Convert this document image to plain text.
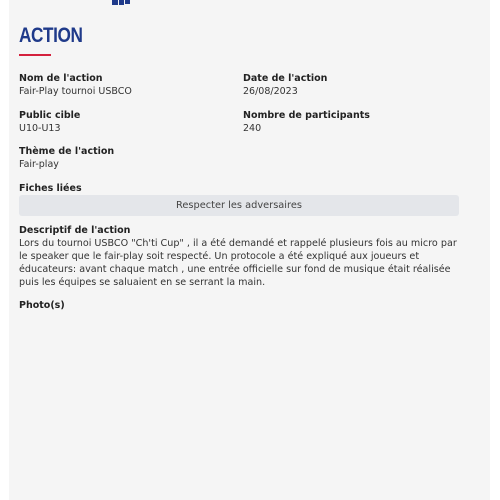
ACTION
Nom de l'action
Fair-Play tournoi USBCO
Date de l'action
26/08/2023
Public cible
U10-U13
Nombre de participants
240
Thème de l'action
Fair-play
Fiches liées
Respecter les adversaires
Descriptif de l'action
Lors du tournoi USBCO "Ch'ti Cup" , il a été demandé et rappelé plusieurs fois au micro par le speaker que le fair-play soit respecté. Un protocole a été expliqué aux joueurs et éducateurs: avant chaque match , une entrée officielle sur fond de musique était réalisée puis les équipes se saluaient en se serrant la main.
Photo(s)
